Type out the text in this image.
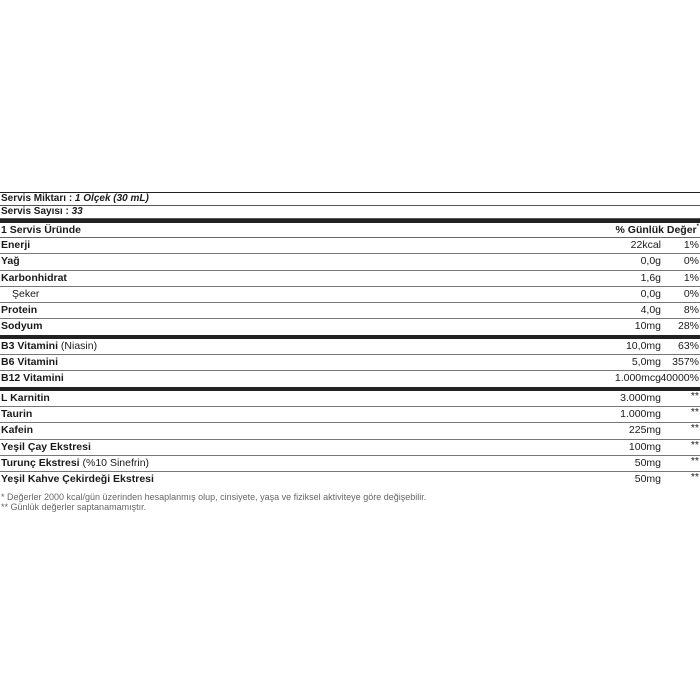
Servis Miktarı : 1 Ölçek (30 mL)
Servis Sayısı : 33
1 Servis Üründe	% Günlük Değer*
Enerji	22kcal 1%
Yağ	0,0g 0%
Karbonhidrat	1,6g 1%
Şeker	0,0g 0%
Protein	4,0g 8%
Sodyum	10mg 28%
B3 Vitamini (Niasin)	10,0mg 63%
B6 Vitamini	5,0mg 357%
B12 Vitamini	1.000mcg 40000%
L Karnitin	3.000mg	**
Taurin	1.000mg	**
Kafein	225mg	**
Yeşil Çay Ekstresi	100mg	**
Turunç Ekstresi (%10 Sinefrin)	50mg	**
Yeşil Kahve Çekirdeği Ekstresi	50mg	**
* Değerler 2000 kcal/gün üzerinden hesaplanmış olup, cinsiyete, yaşa ve fiziksel aktiviteye göre değişebilir.
** Günlük değerler saptanamamıştır.
